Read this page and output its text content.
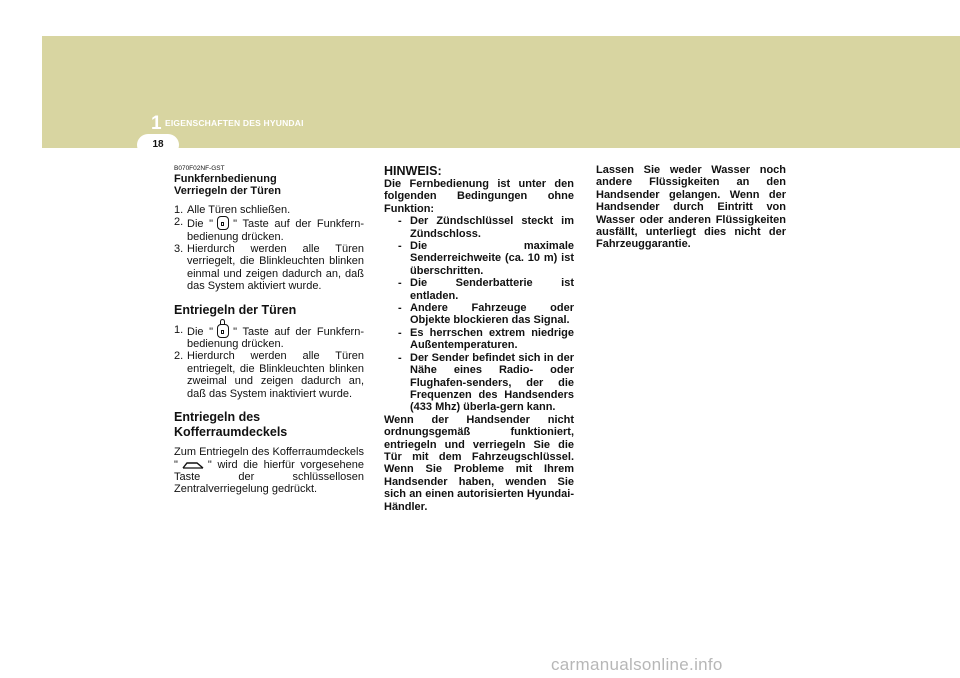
1 EIGENSCHAFTEN DES HYUNDAI
18
B070F02NF-GST
Funkfernbedienung
Verriegeln der Türen
1. Alle Türen schließen.
2. Die " " Taste auf der Funkfern-bedienung drücken.
3. Hierdurch werden alle Türen verriegelt, die Blinkleuchten blinken einmal und zeigen dadurch an, daß das System aktiviert wurde.
Entriegeln der Türen
1. Die " " Taste auf der Funkfern-bedienung drücken.
2. Hierdurch werden alle Türen entriegelt, die Blinkleuchten blinken zweimal und zeigen dadurch an, daß das System inaktiviert wurde.
Entriegeln des
Kofferraumdeckels
Zum Entriegeln des Kofferraumdeckels "	" wird die hierfür vorgesehene Taste der schlüssellosen Zentralverriegelung gedrückt.
HINWEIS:
Die Fernbedienung ist unter den folgenden Bedingungen ohne Funktion:
- Der Zündschlüssel steckt im Zündschloss.
- Die maximale Senderreichweite (ca. 10 m) ist überschritten.
- Die Senderbatterie ist entladen.
- Andere Fahrzeuge oder Objekte blockieren das Signal.
- Es herrschen extrem niedrige Außentemperaturen.
- Der Sender befindet sich in der Nähe eines Radio- oder Flughafen-senders, der die Frequenzen des Handsenders (433 Mhz) überla-gern kann.
Wenn der Handsender nicht ordnungsgemäß funktioniert, entriegeln und verriegeln Sie die Tür mit dem Fahrzeugschlüssel. Wenn Sie Probleme mit Ihrem Handsender haben, wenden Sie sich an einen autorisierten Hyundai-Händler.
Lassen Sie weder Wasser noch andere Flüssigkeiten an den Handsender gelangen. Wenn der Handsender durch Eintritt von Wasser oder anderen Flüssigkeiten ausfällt, unterliegt dies nicht der Fahrzeuggarantie.
carmanualsonline.info
